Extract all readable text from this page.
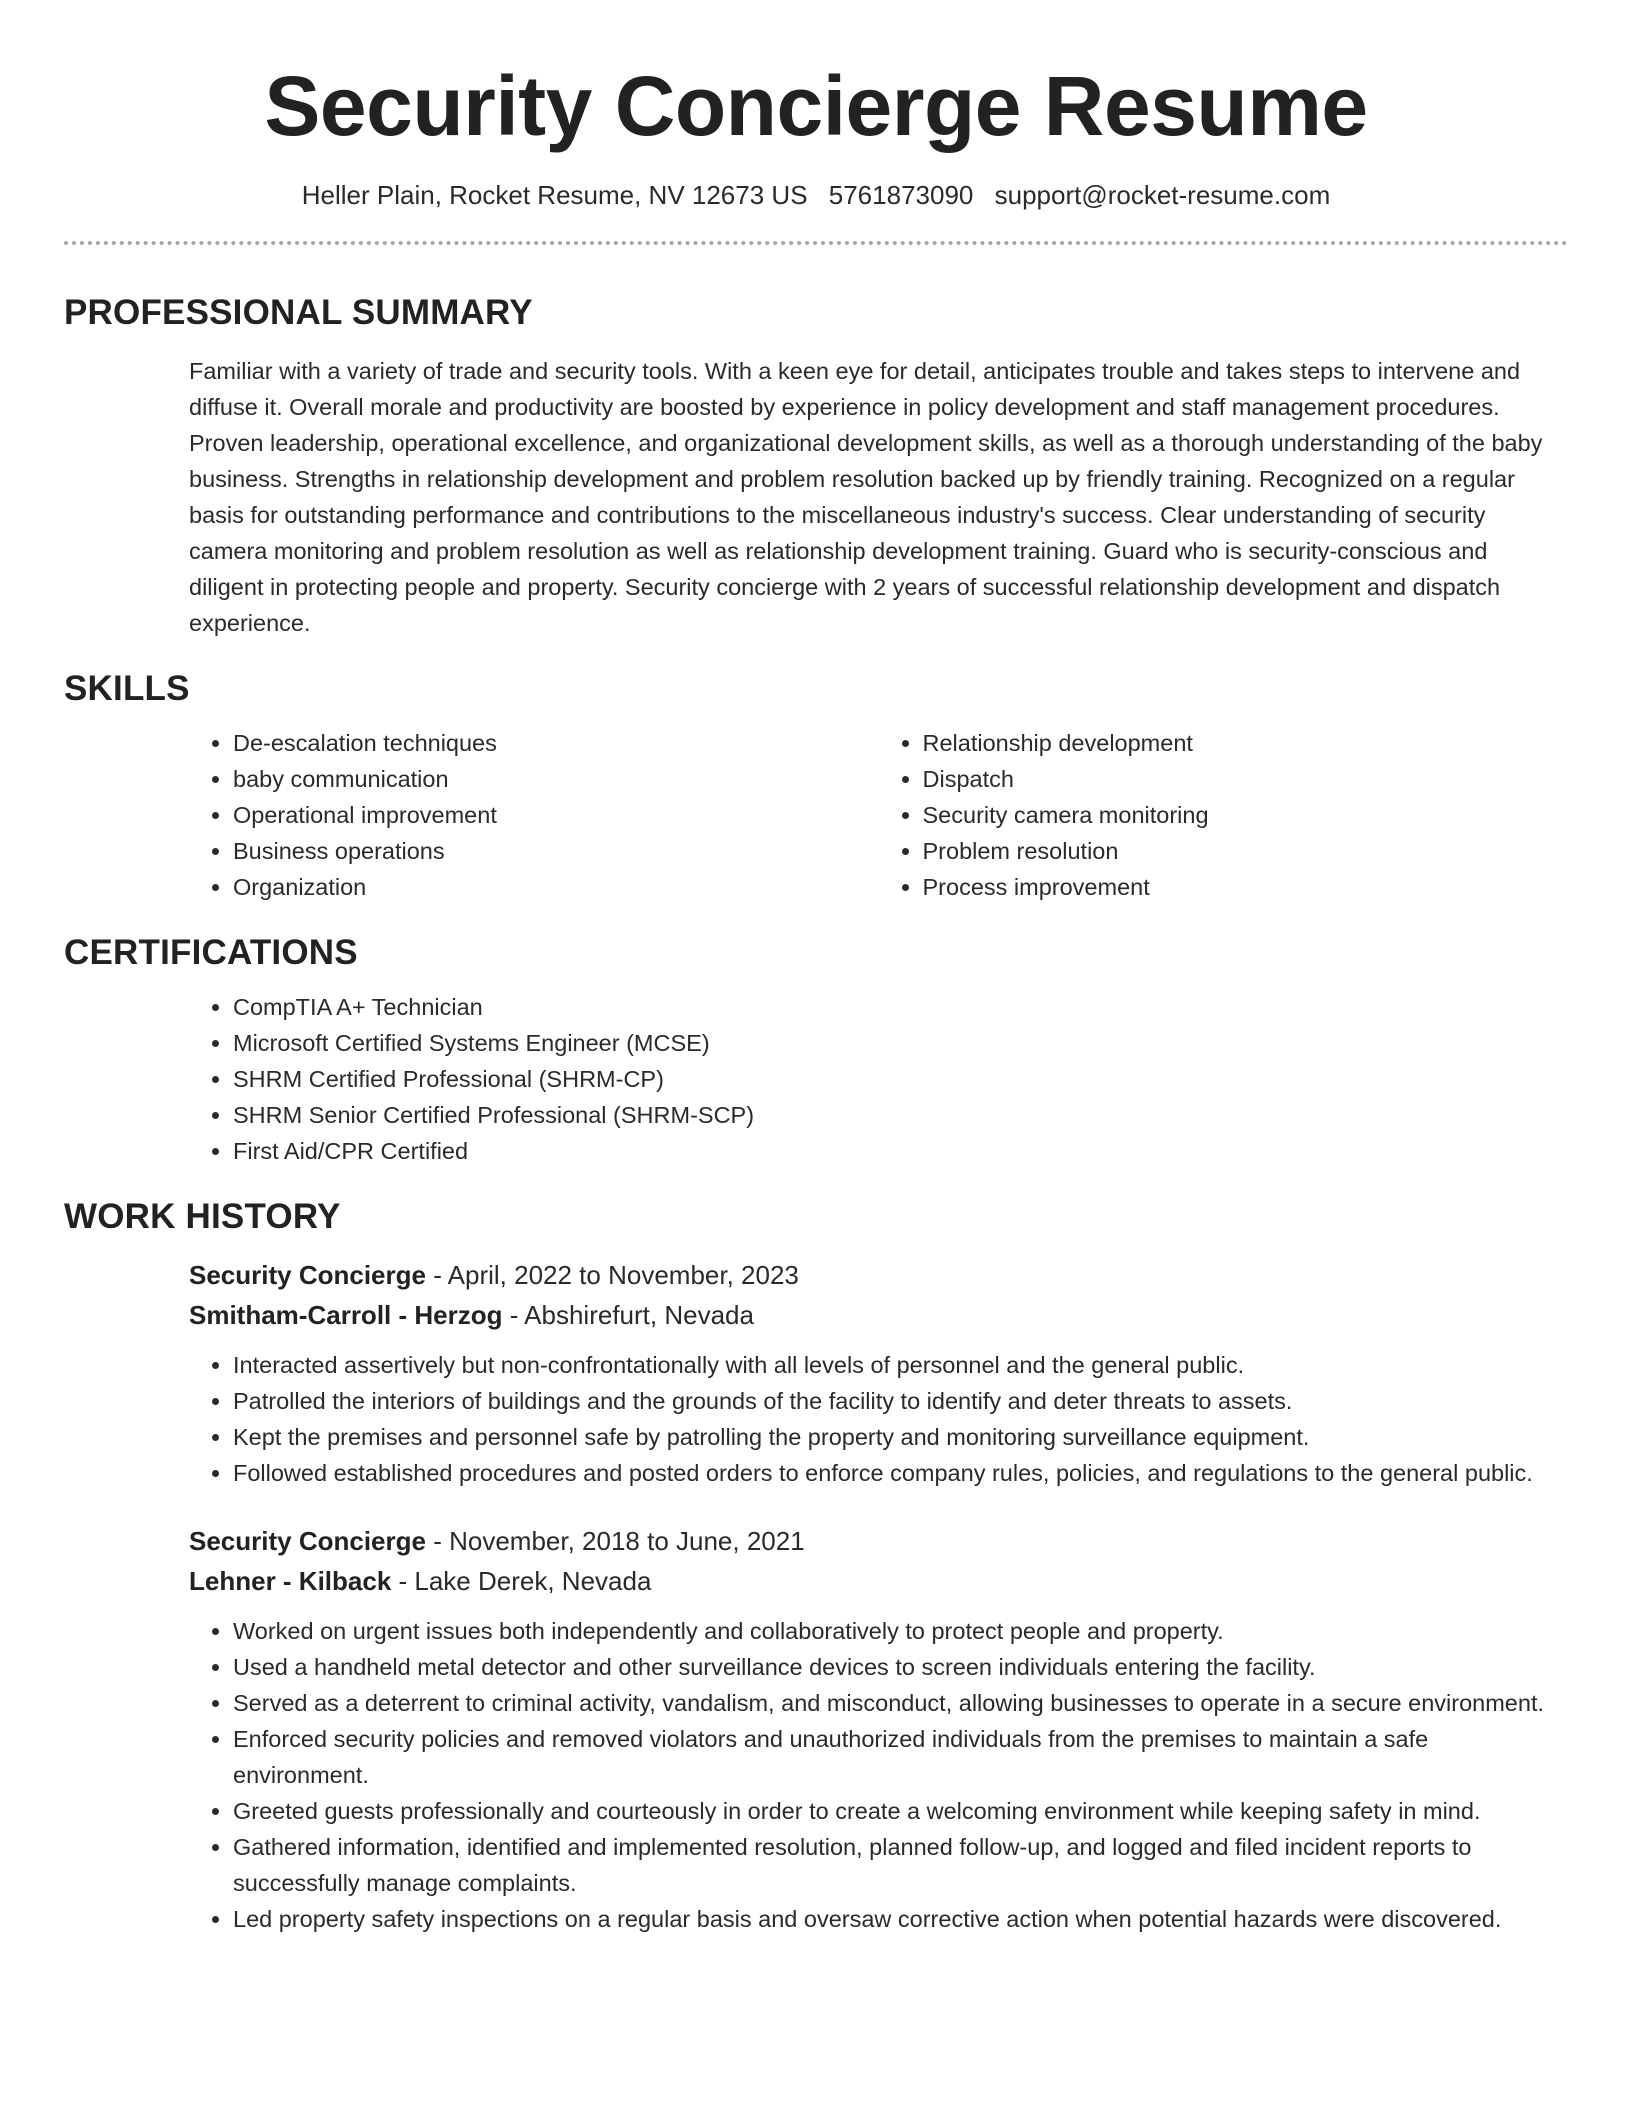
Security Concierge Resume
Heller Plain, Rocket Resume, NV 12673 US 5761873090 support@rocket-resume.com
PROFESSIONAL SUMMARY

Familiar with a variety of trade and security tools. With a keen eye for detail, anticipates trouble and takes steps to intervene and diffuse it. Overall morale and productivity are boosted by experience in policy development and staff management procedures. Proven leadership, operational excellence, and organizational development skills, as well as a thorough understanding of the baby business. Strengths in relationship development and problem resolution backed up by friendly training. Recognized on a regular basis for outstanding performance and contributions to the miscellaneous industry's success. Clear understanding of security camera monitoring and problem resolution as well as relationship development training. Guard who is security-conscious and diligent in protecting people and property. Security concierge with 2 years of successful relationship development and dispatch experience.

SKILLS
• De-escalation techniques
• baby communication
• Operational improvement
• Business operations
• Organization
• Relationship development
• Dispatch
• Security camera monitoring
• Problem resolution
• Process improvement
CERTIFICATIONS
• CompTIA A+ Technician
• Microsoft Certified Systems Engineer (MCSE)
• SHRM Certified Professional (SHRM-CP)
• SHRM Senior Certified Professional (SHRM-SCP)
• First Aid/CPR Certified
WORK HISTORY
Security Concierge - April, 2022 to November, 2023
Smitham-Carroll - Herzog - Abshirefurt, Nevada
• Interacted assertively but non-confrontationally with all levels of personnel and the general public.
• Patrolled the interiors of buildings and the grounds of the facility to identify and deter threats to assets.
• Kept the premises and personnel safe by patrolling the property and monitoring surveillance equipment.
• Followed established procedures and posted orders to enforce company rules, policies, and regulations to the general public.
Security Concierge - November, 2018 to June, 2021
Lehner - Kilback - Lake Derek, Nevada
• Worked on urgent issues both independently and collaboratively to protect people and property.
• Used a handheld metal detector and other surveillance devices to screen individuals entering the facility.
• Served as a deterrent to criminal activity, vandalism, and misconduct, allowing businesses to operate in a secure environment.
• Enforced security policies and removed violators and unauthorized individuals from the premises to maintain a safe environment.
• Greeted guests professionally and courteously in order to create a welcoming environment while keeping safety in mind.
• Gathered information, identified and implemented resolution, planned follow-up, and logged and filed incident reports to successfully manage complaints.
• Led property safety inspections on a regular basis and oversaw corrective action when potential hazards were discovered.
